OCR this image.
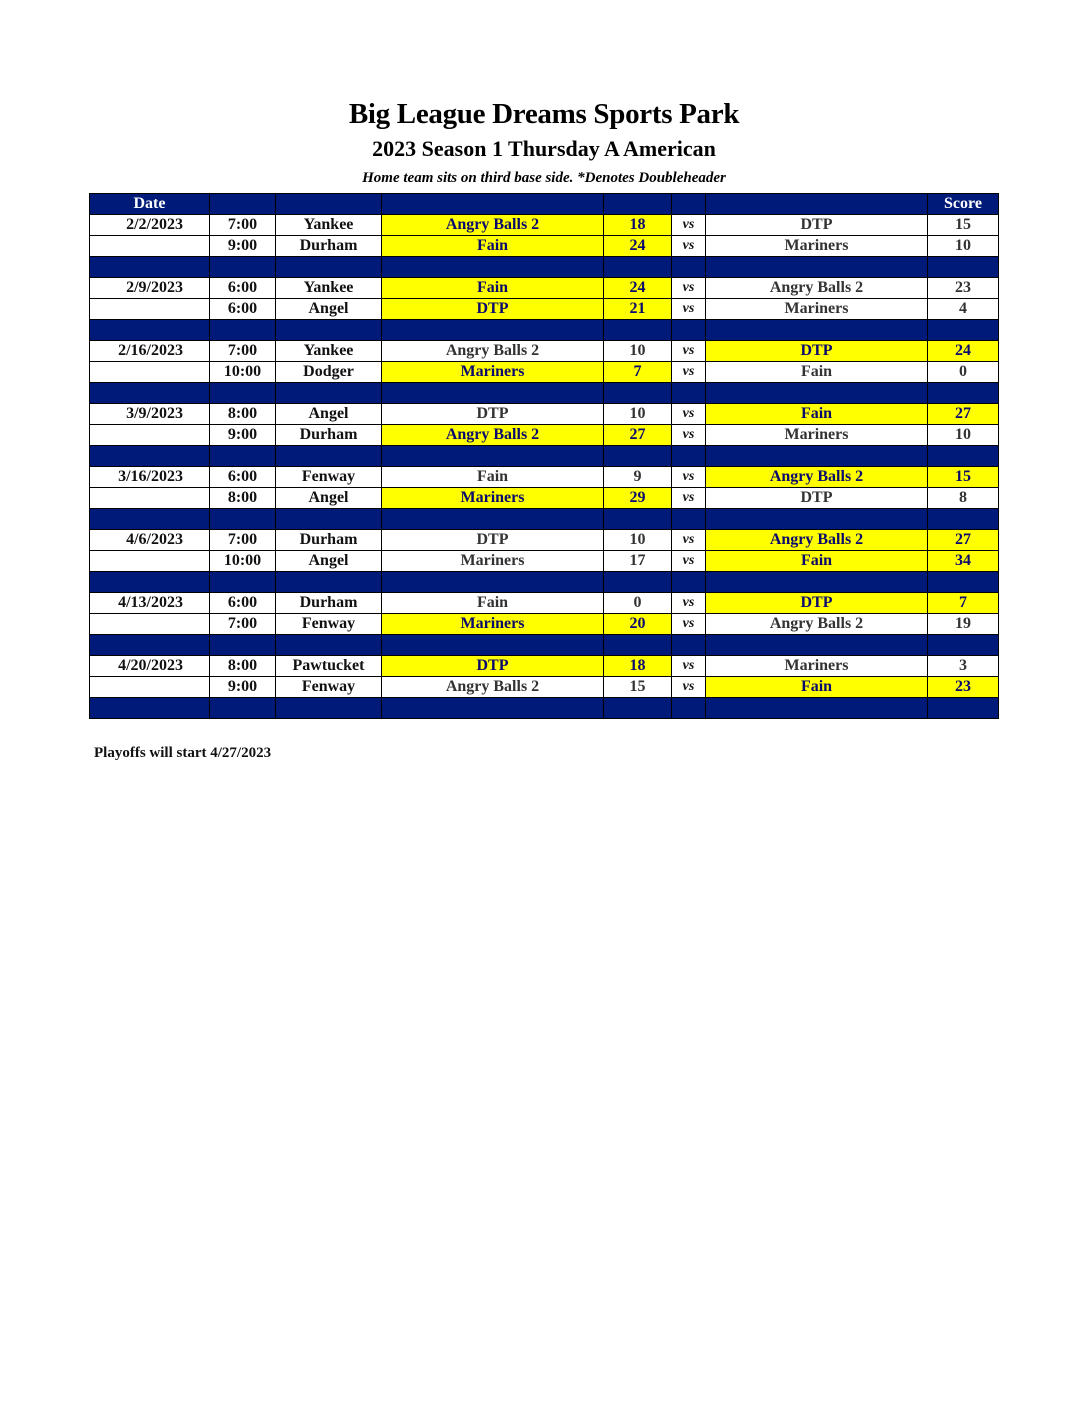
Big League Dreams Sports Park
2023 Season 1 Thursday A American
Home team sits on third base side. *Denotes Doubleheader
Date							Score
2/2/2023	7:00	Yankee	Angry Balls 2	18	vs	DTP	15
	9:00	Durham	Fain	24	vs	Mariners	10

2/9/2023	6:00	Yankee	Fain	24	vs	Angry Balls 2	23
	6:00	Angel	DTP	21	vs	Mariners	4

2/16/2023	7:00	Yankee	Angry Balls 2	10	vs	DTP	24
	10:00	Dodger	Mariners	7	vs	Fain	0

3/9/2023	8:00	Angel	DTP	10	vs	Fain	27
	9:00	Durham	Angry Balls 2	27	vs	Mariners	10

3/16/2023	6:00	Fenway	Fain	9	vs	Angry Balls 2	15
	8:00	Angel	Mariners	29	vs	DTP	8

4/6/2023	7:00	Durham	DTP	10	vs	Angry Balls 2	27
	10:00	Angel	Mariners	17	vs	Fain	34

4/13/2023	6:00	Durham	Fain	0	vs	DTP	7
	7:00	Fenway	Mariners	20	vs	Angry Balls 2	19

4/20/2023	8:00	Pawtucket	DTP	18	vs	Mariners	3
	9:00	Fenway	Angry Balls 2	15	vs	Fain	23

Playoffs will start 4/27/2023
